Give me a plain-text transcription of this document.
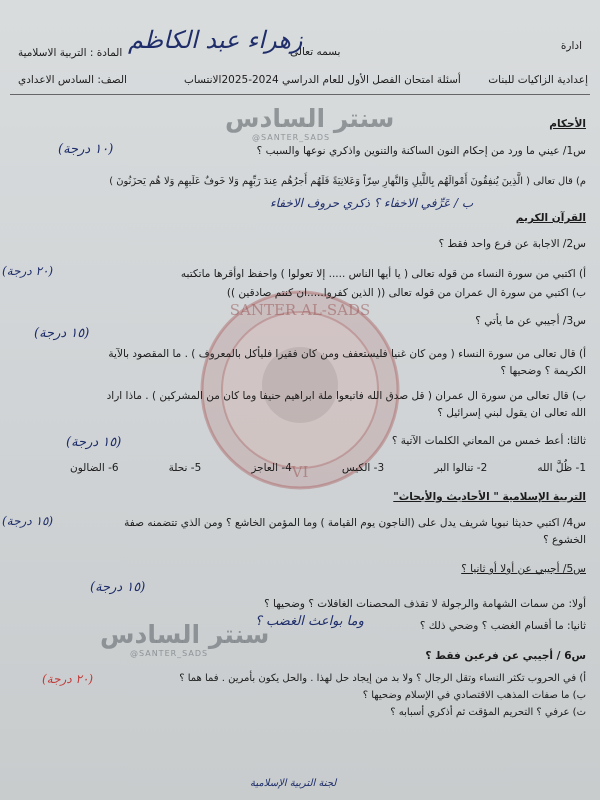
SANTER AL-SADS
VI
سنتر السادس
@SANTER_SADS
سنتر السادس
@SANTER_SADS
ادارة
بسمه تعالى
زهراء عبد الكاظم
المادة : التربية الاسلامية
إعدادية الزاكيات للبنات
أسئلة امتحان الفصل الأول للعام الدراسي 2024-2025الانتساب
الصف: السادس الاعدادي
الأحكام
س1/ عيني ما ورد من إحكام النون الساكنة والتنوين واذكري نوعها والسبب ؟
(١٠ درجة)
م) قال تعالى ( الَّذِينَ يُنفِقُونَ أَمْوالَهُم بِاللَّيلِ وَالنَّهارِ سِرّاً وَعَلانِيَةً فَلَهُم أَجرُهُم عِندَ رَبِّهِم وَلا خَوفٌ عَلَيهِم وَلا هُم يَحزَنُونَ )
ب / عَرِّفي الاخفاء ؟ ذكري حروف الاخفاء
القرآن الكريم
س2/ الاجابة عن فرع واحد فقط ؟
(٢٠ درجة)	أ) اكتبي من سورة النساء من قوله تعالى ( يا أيها الناس ..... إلا تعولوا ) واحفظ اوأقرها ماتكتبه
ب) اكتبي من سورة ال عمران من قوله تعالى (( الذين كفروا.....ان كنتم صادقين ))
س3/ أجيبي عن ما يأتي ؟
(١٥ درجة)
أ) قال تعالى من سورة النساء ( ومن كان غنيا فليستعفف ومن كان فقيرا فليأكل بالمعروف ) . ما المقصود بالآية
الكريمة ؟ وضحيها ؟
ب) قال تعالى من سورة ال عمران ( قل صدق الله فاتبعوا ملة ابراهيم حنيفا وما كان من المشركين ) . ماذا اراد
الله تعالى ان يقول لبني إسرائيل ؟
ثالثا: أعط خمس من المعاني الكلمات الآتية ؟
(١٥ درجة)
1- ظُلَّ الله
2- تنالوا البر
3- الكيس
4- العاجز
5- نحلة
6- الضالون
التربية الإسلامية " الأحاديث والأبحاث"
س4/ اكتبي حديثا نبويا شريف يدل على (الناجون يوم القيامة ) وما المؤمن الخاشع ؟ ومن الذي تتضمنه صفة
(١٥ درجة)
الخشوع ؟
س5/ أجيبي عن أولا أو ثانيا ؟
(١٥ درجة)
أولا: من سمات الشهامة والرجولة لا تقذف المحصنات الغافلات ؟ وضحيها ؟
ثانيا: ما أقسام الغضب ؟ وضحي ذلك ؟
وما بواعث الغضب ؟
س6 / أجيبي عن فرعين فقط ؟
(٢٠ درجة)	أ) في الحروب تكثر النساء وتقل الرجال ؟ ولا بد من إيجاد حل لهذا . والحل يكون بأمرين . فما هما ؟
ب) ما صفات المذهب الاقتصادي في الإسلام وضحيها ؟
ت) عرفي ؟ التحريم المؤقت ثم أذكري أسبابه ؟
لجنة التربية الإسلامية
